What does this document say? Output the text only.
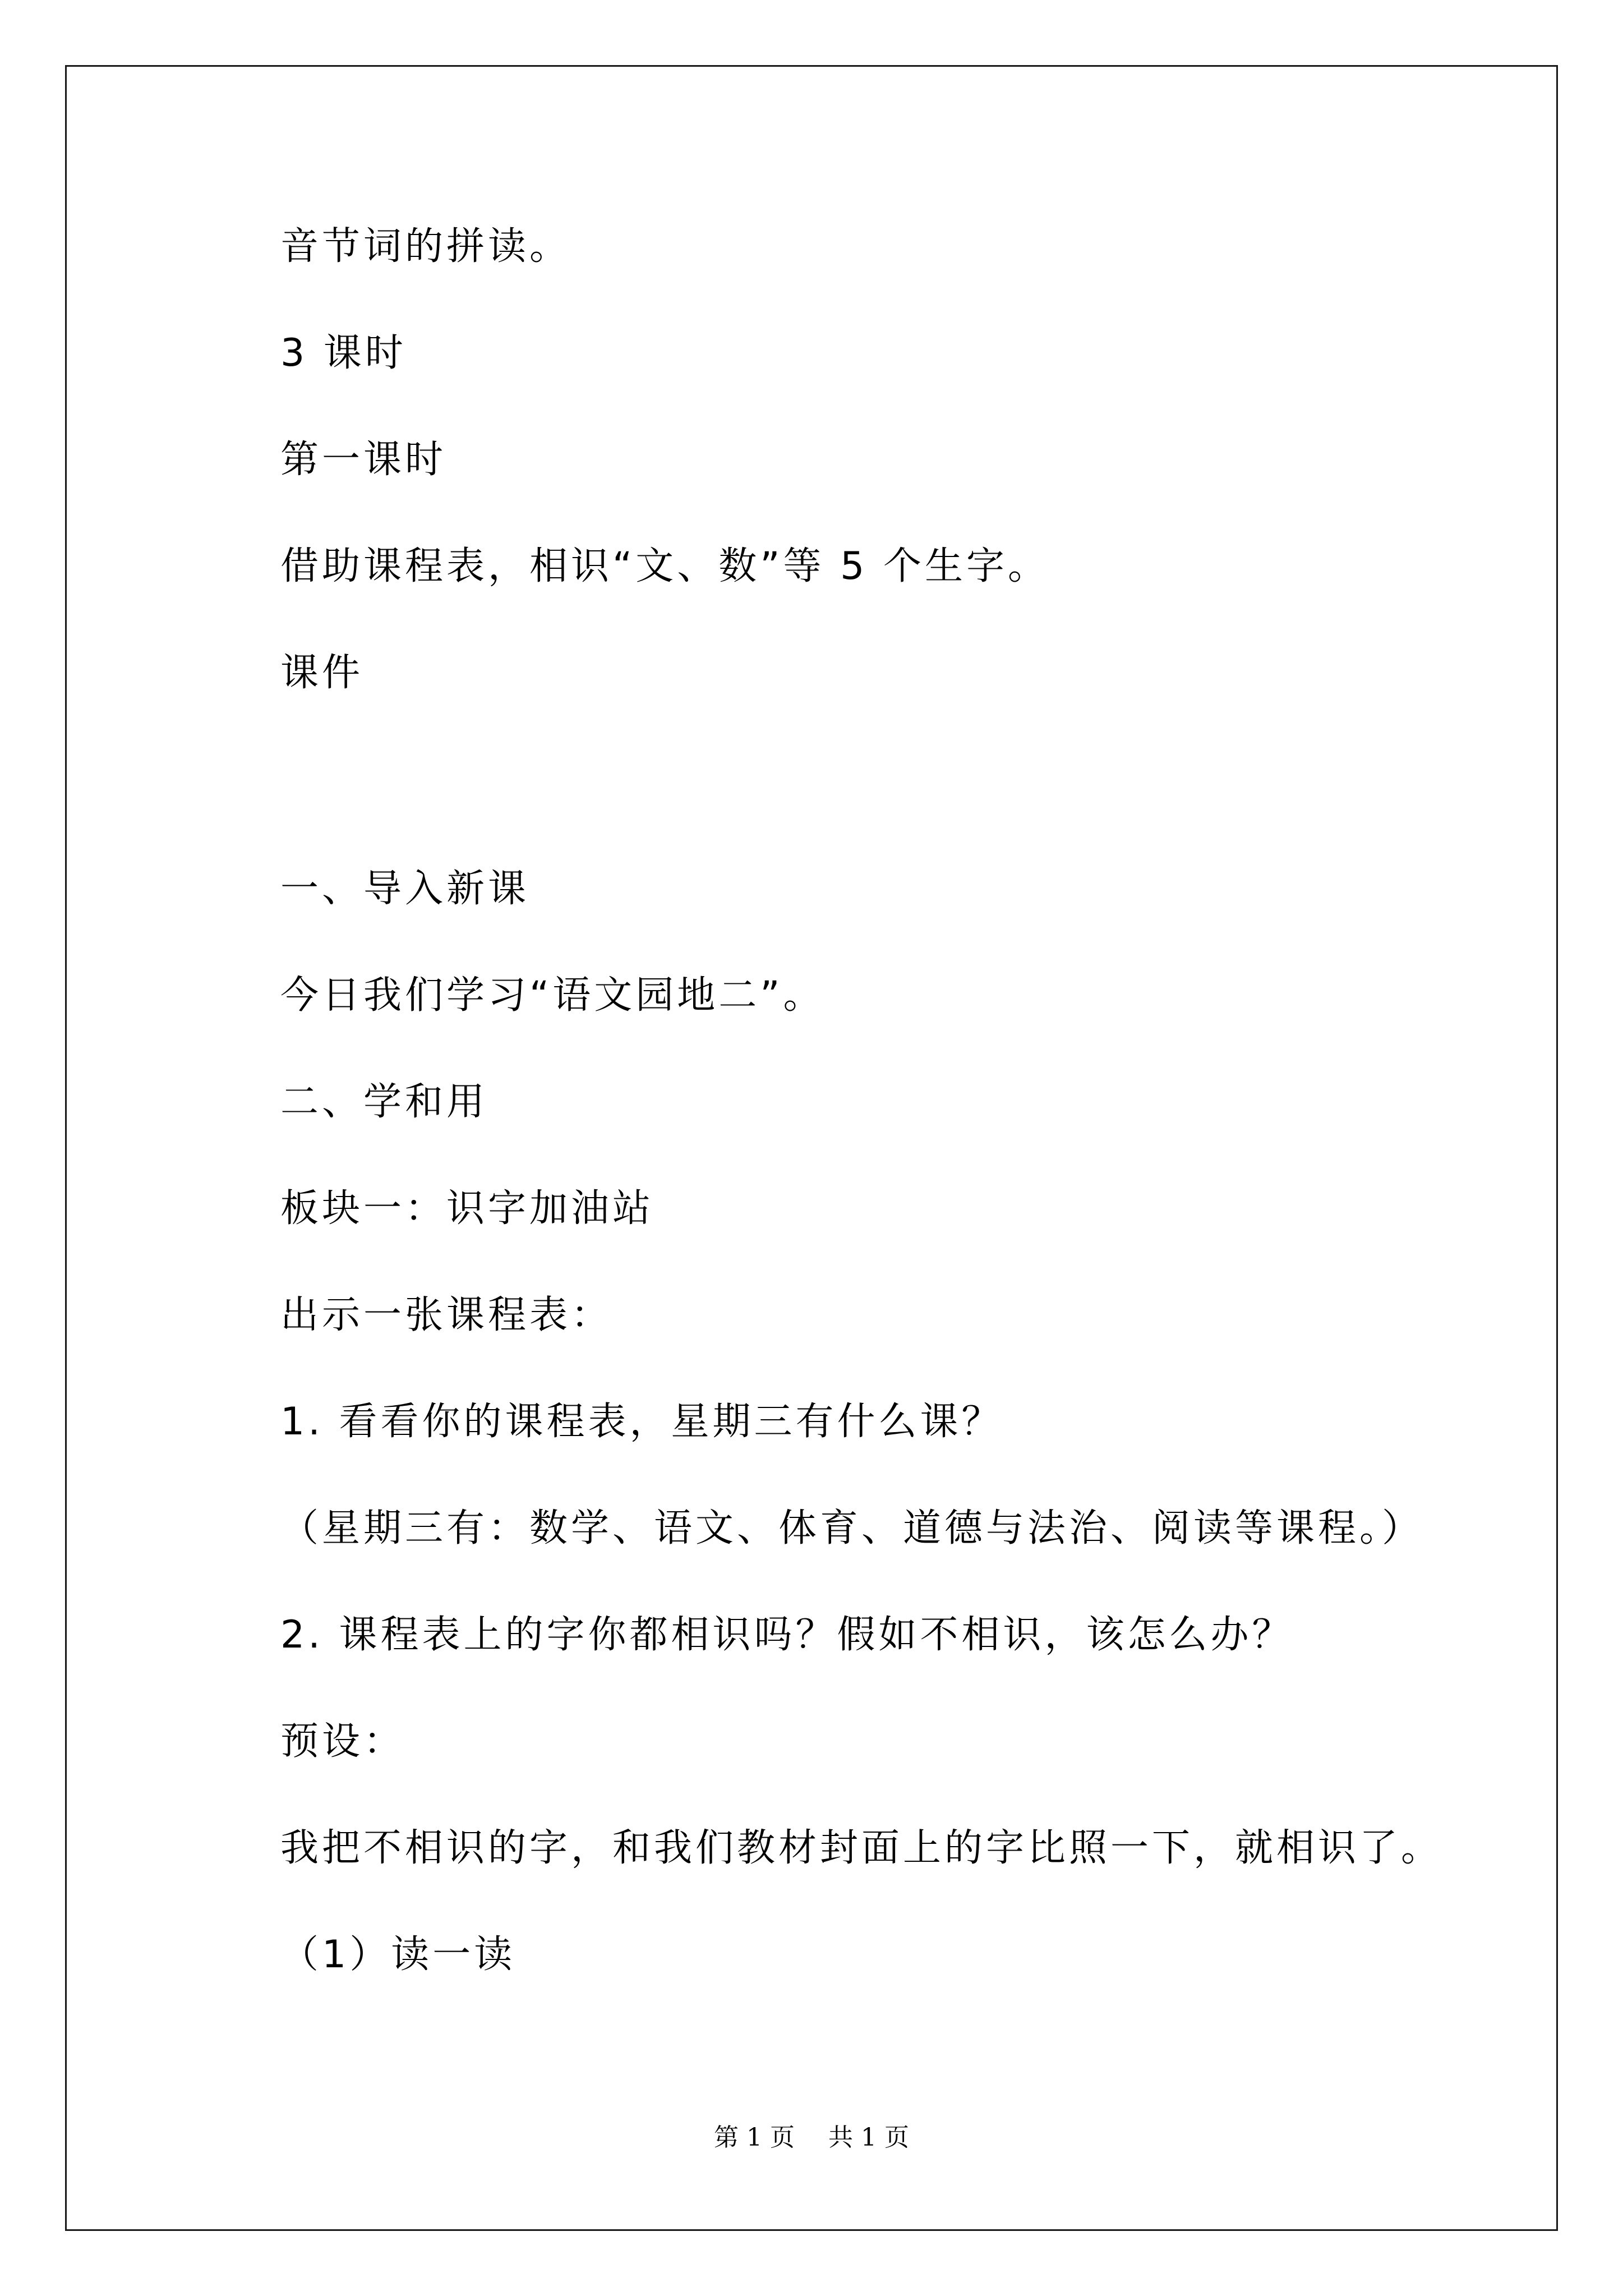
音节词的拼读。
3 课时
第一课时
借助课程表，相识“文、数”等 5 个生字。
课件
一、导入新课
今日我们学习“语文园地二”。
二、学和用
板块一：识字加油站
出示一张课程表：
1. 看看你的课程表，星期三有什么课？
（星期三有：数学、语文、体育、道德与法治、阅读等课程。）
2. 课程表上的字你都相识吗？假如不相识，该怎么办？
预设：
我把不相识的字，和我们教材封面上的字比照一下，就相识了。
（1）读一读
第 1 页 共 1 页
